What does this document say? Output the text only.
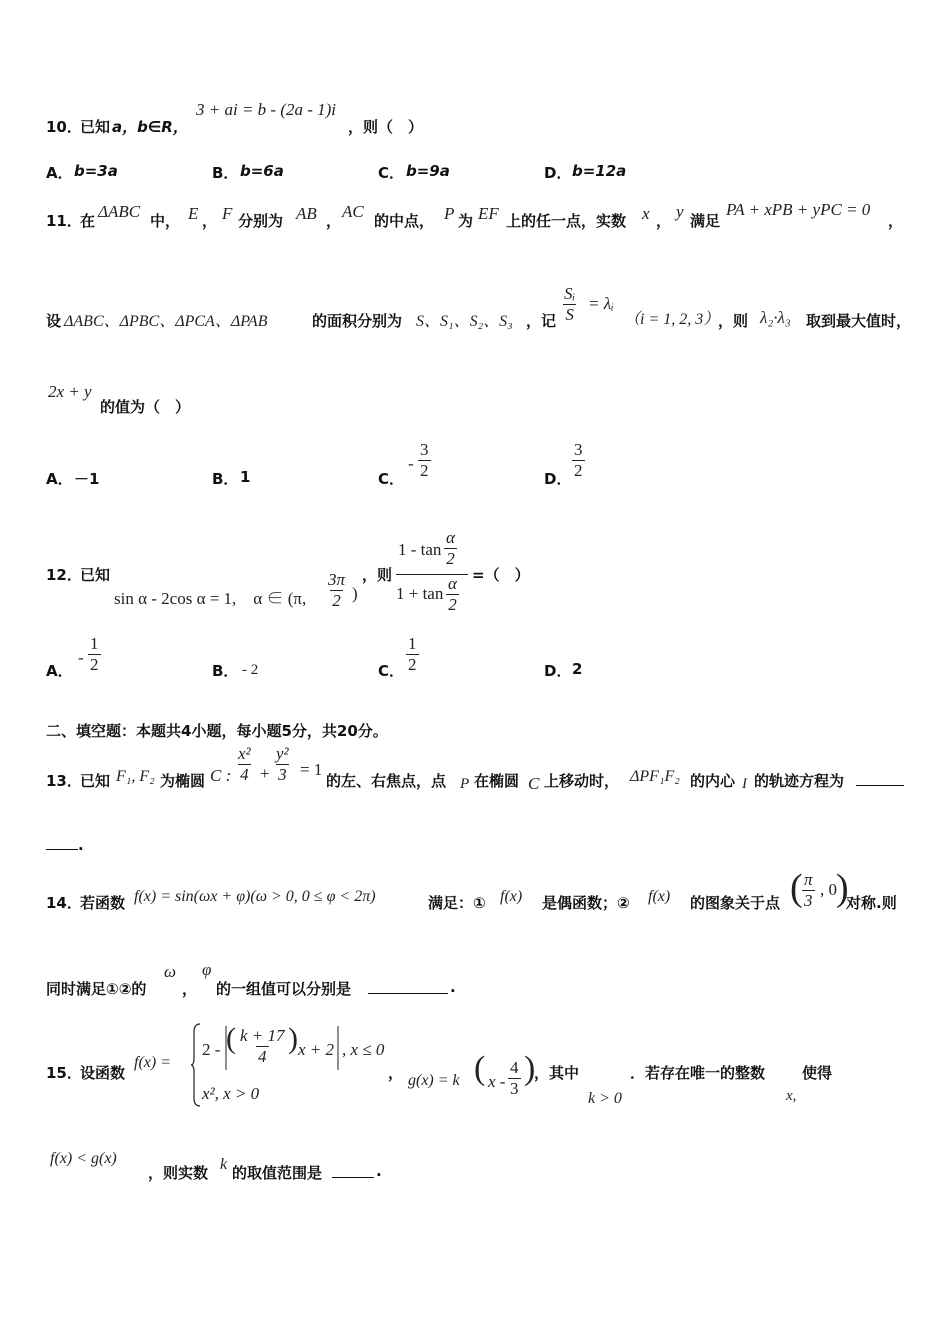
10．
已知 a，b∈R，
3 + ai = b - (2a - 1)i
，则（　）
A． b=3a	B． b=6a	C． b=9a	D． b=12a
11．
在 ΔABC 中， E ， F 分别为 AB ， AC 的中点， P 为 EF 上的任一点，实数 x ， y 满足
PA + xPB + yPC = 0
，
设 ΔABC、ΔPBC、ΔPCA、ΔPAB	的面积分别为 S、S₁、S₂、S₃ ，记 $\frac{\text{Sᵢ}}{S}$ = λᵢ
（i = 1, 2, 3）
，则 λ₂·λ₃ 取到最大值时，
2x + y
的值为（　）
A． －1	B． 1	C．
- $\frac{3}{2}$	D． $\frac{3}{2}$
12．
已知
sin α - 2cos α = 1,　α ∈ (π, $\frac{3\pi}{2}$ )
，则
$1 - \tan \frac{\alpha}{2}$
$1 + \tan \frac{\alpha}{2}$ =（　）
A．
- $\frac{1}{2}$	B． - 2	C． $\frac{1}{2}$	D． 2
二、填空题：本题共4小题，每小题5分，共20分。
13．
已知 F₁, F₂ 为椭圆 C : $\frac{\text{x²}}{4} + \frac{\text{y²}}{3} = 1$
的左、右焦点，点 P 在椭圆 C 上移动时， ΔPF₁F₂ 的内心 I 的轨迹方程为
.
14．
若函数 f(x) = sin(ωx + φ)(ω > 0, 0 ≤ φ < 2π)	满足：① f(x) 是偶函数；② f(x) 的图象关于点 ( $\frac{\pi}{3}$ , 0 )
对称.则
同时满足①②的
ω
，
φ
的一组值可以分别是	.
15．
设函数
f(x) =
2 - ( $\frac{k + 17}{4}$ ) x + 2 , x ≤ 0
x², x > 0
， g(x) = k ( x - $\frac{4}{3}$ )
，其中
k > 0
．若存在唯一的整数
x,
使得
f(x) < g(x)
，则实数 k 的取值范围是	.
